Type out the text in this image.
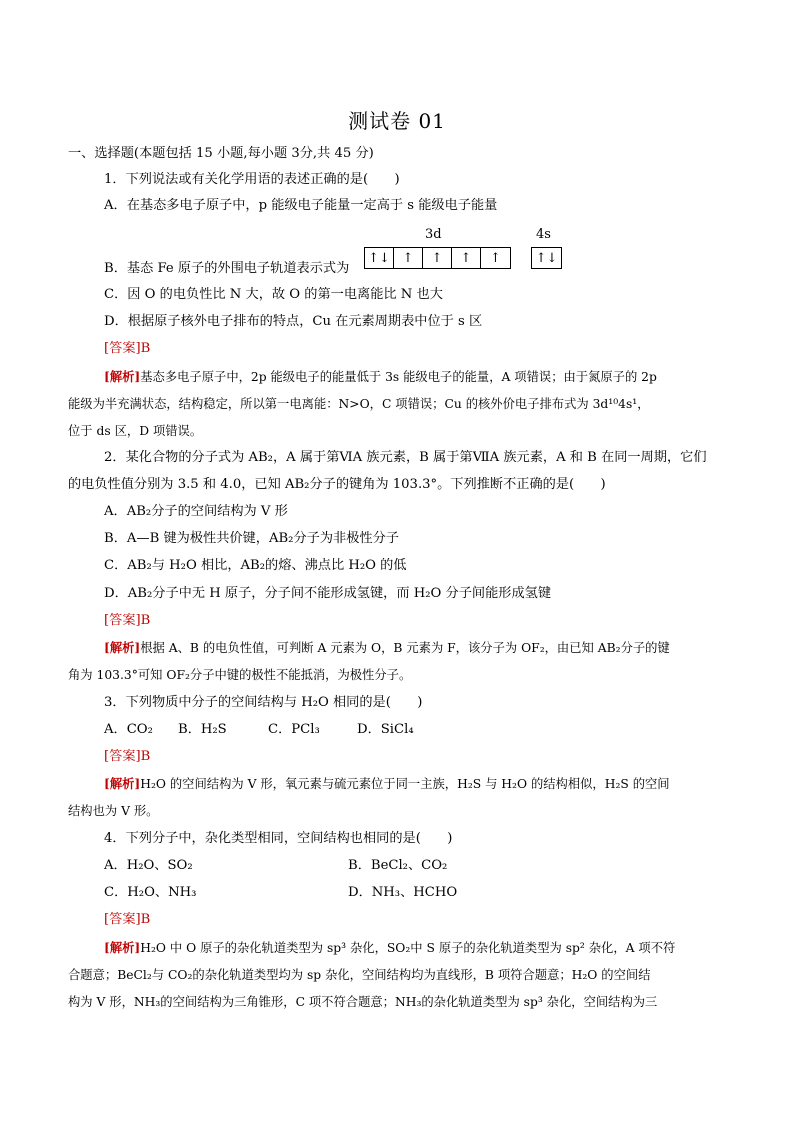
测试卷 01
一、选择题(本题包括 15 小题,每小题 3分,共 45 分)
1．下列说法或有关化学用语的表述正确的是(　　)
A．在基态多电子原子中，p 能级电子能量一定高于 s 能级电子能量
3d	4s
↑↓ ↑	↑	↑	↑	↑↓
B．基态 Fe 原子的外围电子轨道表示式为
C．因 O 的电负性比 N 大，故 O 的第一电离能比 N 也大
D．根据原子核外电子排布的特点，Cu 在元素周期表中位于 s 区
[答案]B
[解析]基态多电子原子中，2p 能级电子的能量低于 3s 能级电子的能量，A 项错误；由于氮原子的 2p
能级为半充满状态，结构稳定，所以第一电离能：N>O，C 项错误；Cu 的核外价电子排布式为 3d¹⁰4s¹，
位于 ds 区，D 项错误。
2．某化合物的分子式为 AB₂，A 属于第ⅥA 族元素，B 属于第ⅦA 族元素，A 和 B 在同一周期，它们
的电负性值分别为 3.5 和 4.0，已知 AB₂分子的键角为 103.3°。下列推断不正确的是(　　)
A．AB₂分子的空间结构为 V 形
B．A—B 键为极性共价键，AB₂分子为非极性分子
C．AB₂与 H₂O 相比，AB₂的熔、沸点比 H₂O 的低
D．AB₂分子中无 H 原子，分子间不能形成氢键，而 H₂O 分子间能形成氢键
[答案]B
[解析]根据 A、B 的电负性值，可判断 A 元素为 O，B 元素为 F，该分子为 OF₂，由已知 AB₂分子的键
角为 103.3°可知 OF₂分子中键的极性不能抵消，为极性分子。
3．下列物质中分子的空间结构与 H₂O 相同的是(　　)
A．CO₂ B．H₂S	C．PCl₃	D．SiCl₄
[答案]B
[解析]H₂O 的空间结构为 V 形，氧元素与硫元素位于同一主族，H₂S 与 H₂O 的结构相似，H₂S 的空间
结构也为 V 形。
4．下列分子中，杂化类型相同，空间结构也相同的是(　　)
A．H₂O、SO₂	B．BeCl₂、CO₂
C．H₂O、NH₃	D．NH₃、HCHO
[答案]B
[解析]H₂O 中 O 原子的杂化轨道类型为 sp³ 杂化，SO₂中 S 原子的杂化轨道类型为 sp² 杂化，A 项不符
合题意；BeCl₂与 CO₂的杂化轨道类型均为 sp 杂化，空间结构均为直线形，B 项符合题意；H₂O 的空间结
构为 V 形，NH₃的空间结构为三角锥形，C 项不符合题意；NH₃的杂化轨道类型为 sp³ 杂化，空间结构为三
